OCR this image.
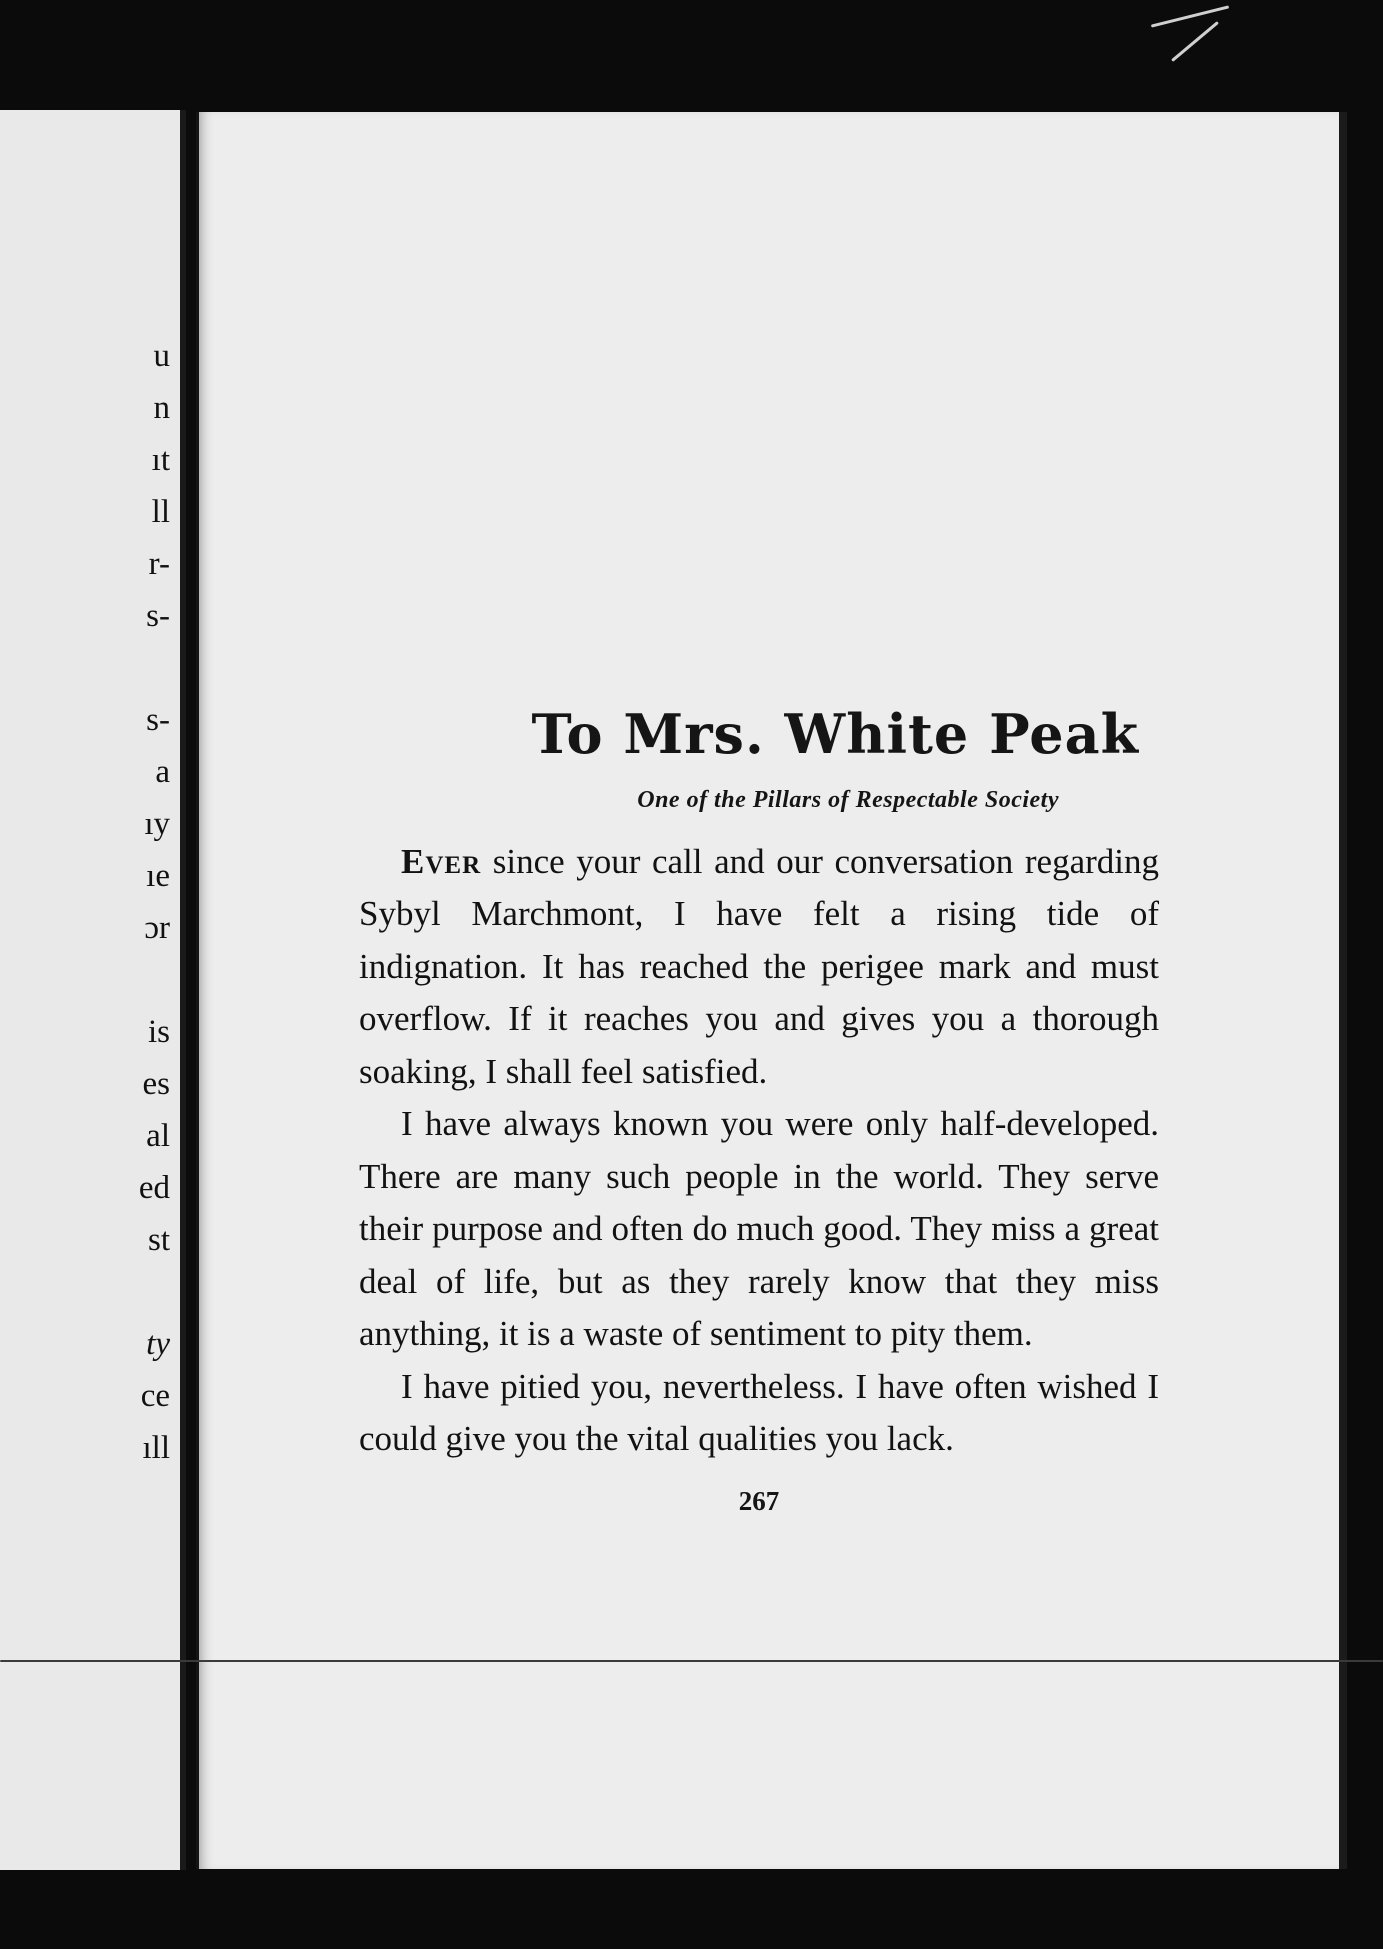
u
n
ıt
ll
r-
s-
s-
a
ıy
ıe
ɔr
is
es
al
ed
st
ty
ce
ıll
To Mrs. White Peak
One of the Pillars of Respectable Society

Ever since your call and our conversation regarding Sybyl Marchmont, I have felt a rising tide of indignation. It has reached the perigee mark and must overflow. If it reaches you and gives you a thorough soaking, I shall feel satisfied.

I have always known you were only half-developed. There are many such people in the world. They serve their purpose and often do much good. They miss a great deal of life, but as they rarely know that they miss anything, it is a waste of sentiment to pity them.

I have pitied you, nevertheless. I have often wished I could give you the vital qualities you lack.

267
